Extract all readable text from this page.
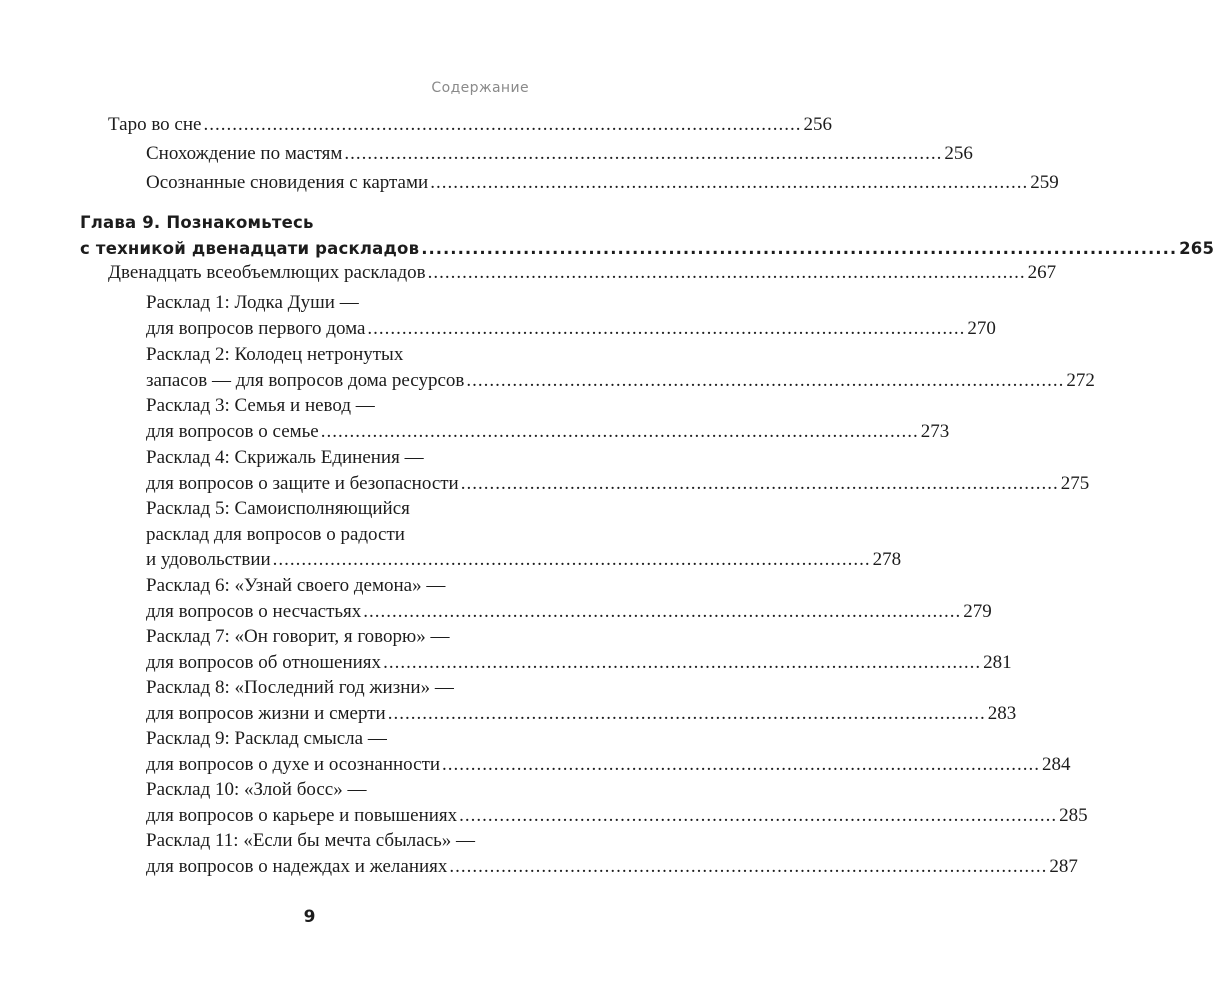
Содержание
Таро во сне ........................................................................................................ 256
Снохождение по мастям ........................................................................................................ 256
Осознанные сновидения с картами ........................................................................................................ 259
Глава 9. Познакомьтесь
с техникой двенадцати раскладов ........................................................................................................ 265
Двенадцать всеобъемлющих раскладов ........................................................................................................ 267
Расклад 1: Лодка Души —
для вопросов первого дома ........................................................................................................ 270
Расклад 2: Колодец нетронутых
запасов — для вопросов дома ресурсов ........................................................................................................ 272
Расклад 3: Семья и невод —
для вопросов о семье ........................................................................................................ 273
Расклад 4: Скрижаль Единения —
для вопросов о защите и безопасности ........................................................................................................ 275
Расклад 5: Самоисполняющийся
расклад для вопросов о радости
и удовольствии ........................................................................................................ 278
Расклад 6: «Узнай своего демона» —
для вопросов о несчастьях ........................................................................................................ 279
Расклад 7: «Он говорит, я говорю» —
для вопросов об отношениях ........................................................................................................ 281
Расклад 8: «Последний год жизни» —
для вопросов жизни и смерти ........................................................................................................ 283
Расклад 9: Расклад смысла —
для вопросов о духе и осознанности ........................................................................................................ 284
Расклад 10: «Злой босс» —
для вопросов о карьере и повышениях ........................................................................................................ 285
Расклад 11: «Если бы мечта сбылась» —
для вопросов о надеждах и желаниях ........................................................................................................ 287
9
